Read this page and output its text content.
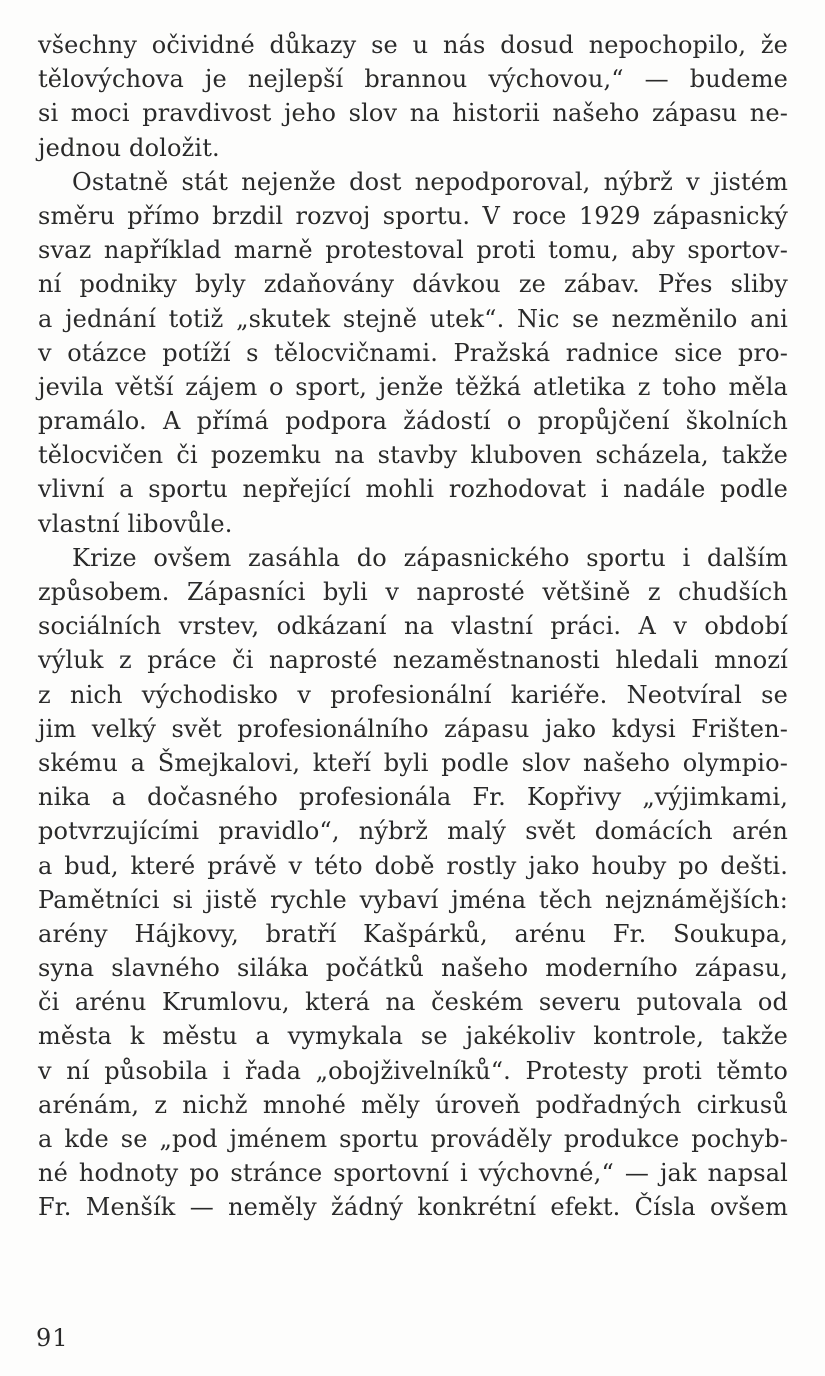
všechny očividné důkazy se u nás dosud nepochopilo, že
tělovýchova je nejlepší brannou výchovou,“ — budeme
si moci pravdivost jeho slov na historii našeho zápasu ne-
jednou doložit.
Ostatně stát nejenže dost nepodporoval, nýbrž v jistém
směru přímo brzdil rozvoj sportu. V roce 1929 zápasnický
svaz například marně protestoval proti tomu, aby sportov-
ní podniky byly zdaňovány dávkou ze zábav. Přes sliby
a jednání totiž „skutek stejně utek“. Nic se nezměnilo ani
v otázce potíží s tělocvičnami. Pražská radnice sice pro-
jevila větší zájem o sport, jenže těžká atletika z toho měla
pramálo. A přímá podpora žádostí o propůjčení školních
tělocvičen či pozemku na stavby kluboven scházela, takže
vlivní a sportu nepřející mohli rozhodovat i nadále podle
vlastní libovůle.
Krize ovšem zasáhla do zápasnického sportu i dalším
způsobem. Zápasníci byli v naprosté většině z chudších
sociálních vrstev, odkázaní na vlastní práci. A v období
výluk z práce či naprosté nezaměstnanosti hledali mnozí
z nich východisko v profesionální kariéře. Neotvíral se
jim velký svět profesionálního zápasu jako kdysi Frišten-
skému a Šmejkalovi, kteří byli podle slov našeho olympio-
nika a dočasného profesionála Fr. Kopřivy „výjimkami,
potvrzujícími pravidlo“, nýbrž malý svět domácích arén
a bud, které právě v této době rostly jako houby po dešti.
Pamětníci si jistě rychle vybaví jména těch nejznámějších:
arény Hájkovy, bratří Kašpárků, arénu Fr. Soukupa,
syna slavného siláka počátků našeho moderního zápasu,
či arénu Krumlovu, která na českém severu putovala od
města k městu a vymykala se jakékoliv kontrole, takže
v ní působila i řada „obojživelníků“. Protesty proti těmto
arénám, z nichž mnohé měly úroveň podřadných cirkusů
a kde se „pod jménem sportu prováděly produkce pochyb-
né hodnoty po stránce sportovní i výchovné,“ — jak napsal
Fr. Menšík — neměly žádný konkrétní efekt. Čísla ovšem
91
